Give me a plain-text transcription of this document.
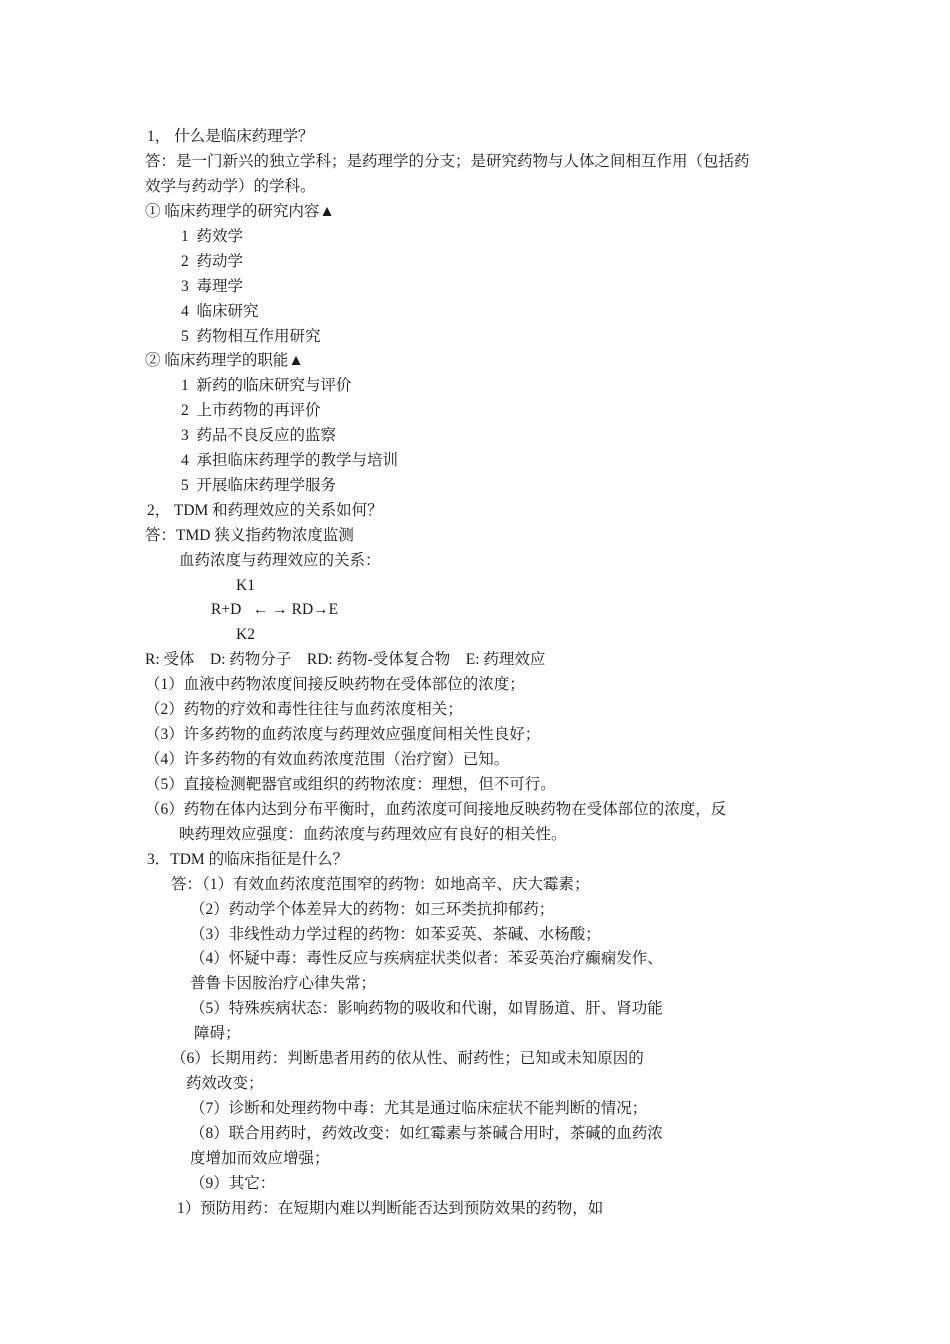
1， 什么是临床药理学？
答：是一门新兴的独立学科；是药理学的分支；是研究药物与人体之间相互作用（包括药
效学与药动学）的学科。
① 临床药理学的研究内容▲
1  药效学
2  药动学
3  毒理学
4  临床研究
5  药物相互作用研究
② 临床药理学的职能▲
1  新药的临床研究与评价
2  上市药物的再评价
3  药品不良反应的监察
4  承担临床药理学的教学与培训
5  开展临床药理学服务
2， TDM 和药理效应的关系如何？
答：TMD 狭义指药物浓度监测
血药浓度与药理效应的关系：
K1
R+D   ← → RD→E
K2
R: 受体    D: 药物分子    RD: 药物-受体复合物    E: 药理效应
（1）血液中药物浓度间接反映药物在受体部位的浓度；
（2）药物的疗效和毒性往往与血药浓度相关；
（3）许多药物的血药浓度与药理效应强度间相关性良好；
（4）许多药物的有效血药浓度范围（治疗窗）已知。
（5）直接检测靶器官或组织的药物浓度：理想，但不可行。
（6）药物在体内达到分布平衡时，血药浓度可间接地反映药物在受体部位的浓度，反
映药理效应强度：血药浓度与药理效应有良好的相关性。
3．TDM 的临床指征是什么？
答：（1）有效血药浓度范围窄的药物：如地高辛、庆大霉素；
（2）药动学个体差异大的药物：如三环类抗抑郁药；
（3）非线性动力学过程的药物：如苯妥英、茶碱、水杨酸；
（4）怀疑中毒：毒性反应与疾病症状类似者：苯妥英治疗癫痫发作、
普鲁卡因胺治疗心律失常；
（5）特殊疾病状态：影响药物的吸收和代谢，如胃肠道、肝、肾功能
障碍；
（6）长期用药：判断患者用药的依从性、耐药性；已知或未知原因的
药效改变；
（7）诊断和处理药物中毒：尤其是通过临床症状不能判断的情况；
（8）联合用药时，药效改变：如红霉素与茶碱合用时，茶碱的血药浓
度增加而效应增强；
（9）其它：
1）预防用药：在短期内难以判断能否达到预防效果的药物，如
